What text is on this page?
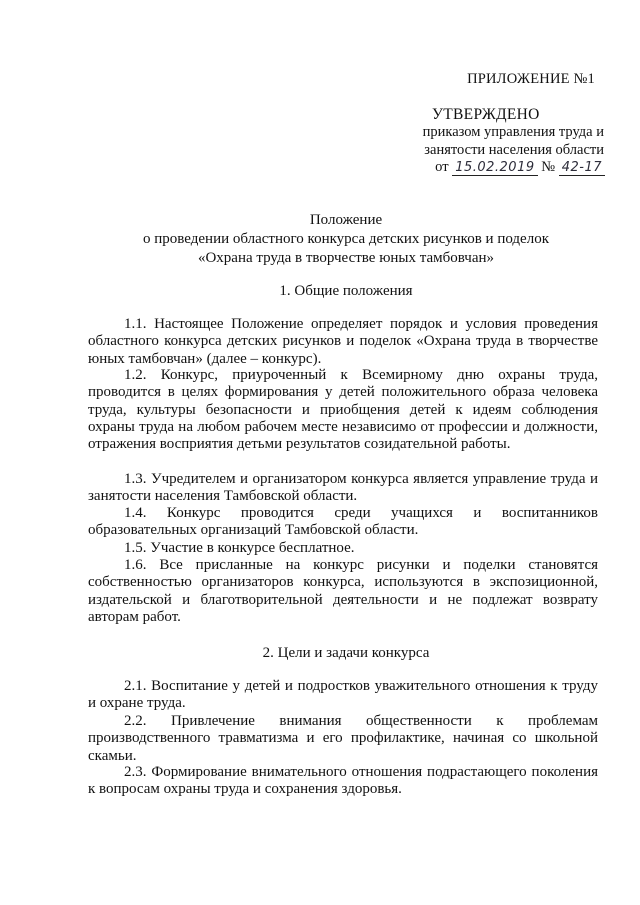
ПРИЛОЖЕНИЕ №1
УТВЕРЖДЕНО
приказом управления труда и
занятости населения области
от 15.02.2019 № 42-17
Положение
о проведении областного конкурса детских рисунков и поделок
«Охрана труда в творчестве юных тамбовчан»
1. Общие положения
1.1. Настоящее Положение определяет порядок и условия проведения областного конкурса детских рисунков и поделок «Охрана труда в творчестве юных тамбовчан» (далее – конкурс).
1.2. Конкурс, приуроченный к Всемирному дню охраны труда, проводится в целях формирования у детей положительного образа человека труда, культуры безопасности и приобщения детей к идеям соблюдения охраны труда на любом рабочем месте независимо от профессии и должности, отражения восприятия детьми результатов созидательной работы.
1.3. Учредителем и организатором конкурса является управление труда и занятости населения Тамбовской области.
1.4. Конкурс проводится среди учащихся и воспитанников образовательных организаций Тамбовской области.
1.5. Участие в конкурсе бесплатное.
1.6. Все присланные на конкурс рисунки и поделки становятся собственностью организаторов конкурса, используются в экспозиционной, издательской и благотворительной деятельности и не подлежат возврату авторам работ.
2. Цели и задачи конкурса
2.1. Воспитание у детей и подростков уважительного отношения к труду и охране труда.
2.2. Привлечение внимания общественности к проблемам производственного травматизма и его профилактике, начиная со школьной скамьи.
2.3. Формирование внимательного отношения подрастающего поколения к вопросам охраны труда и сохранения здоровья.
